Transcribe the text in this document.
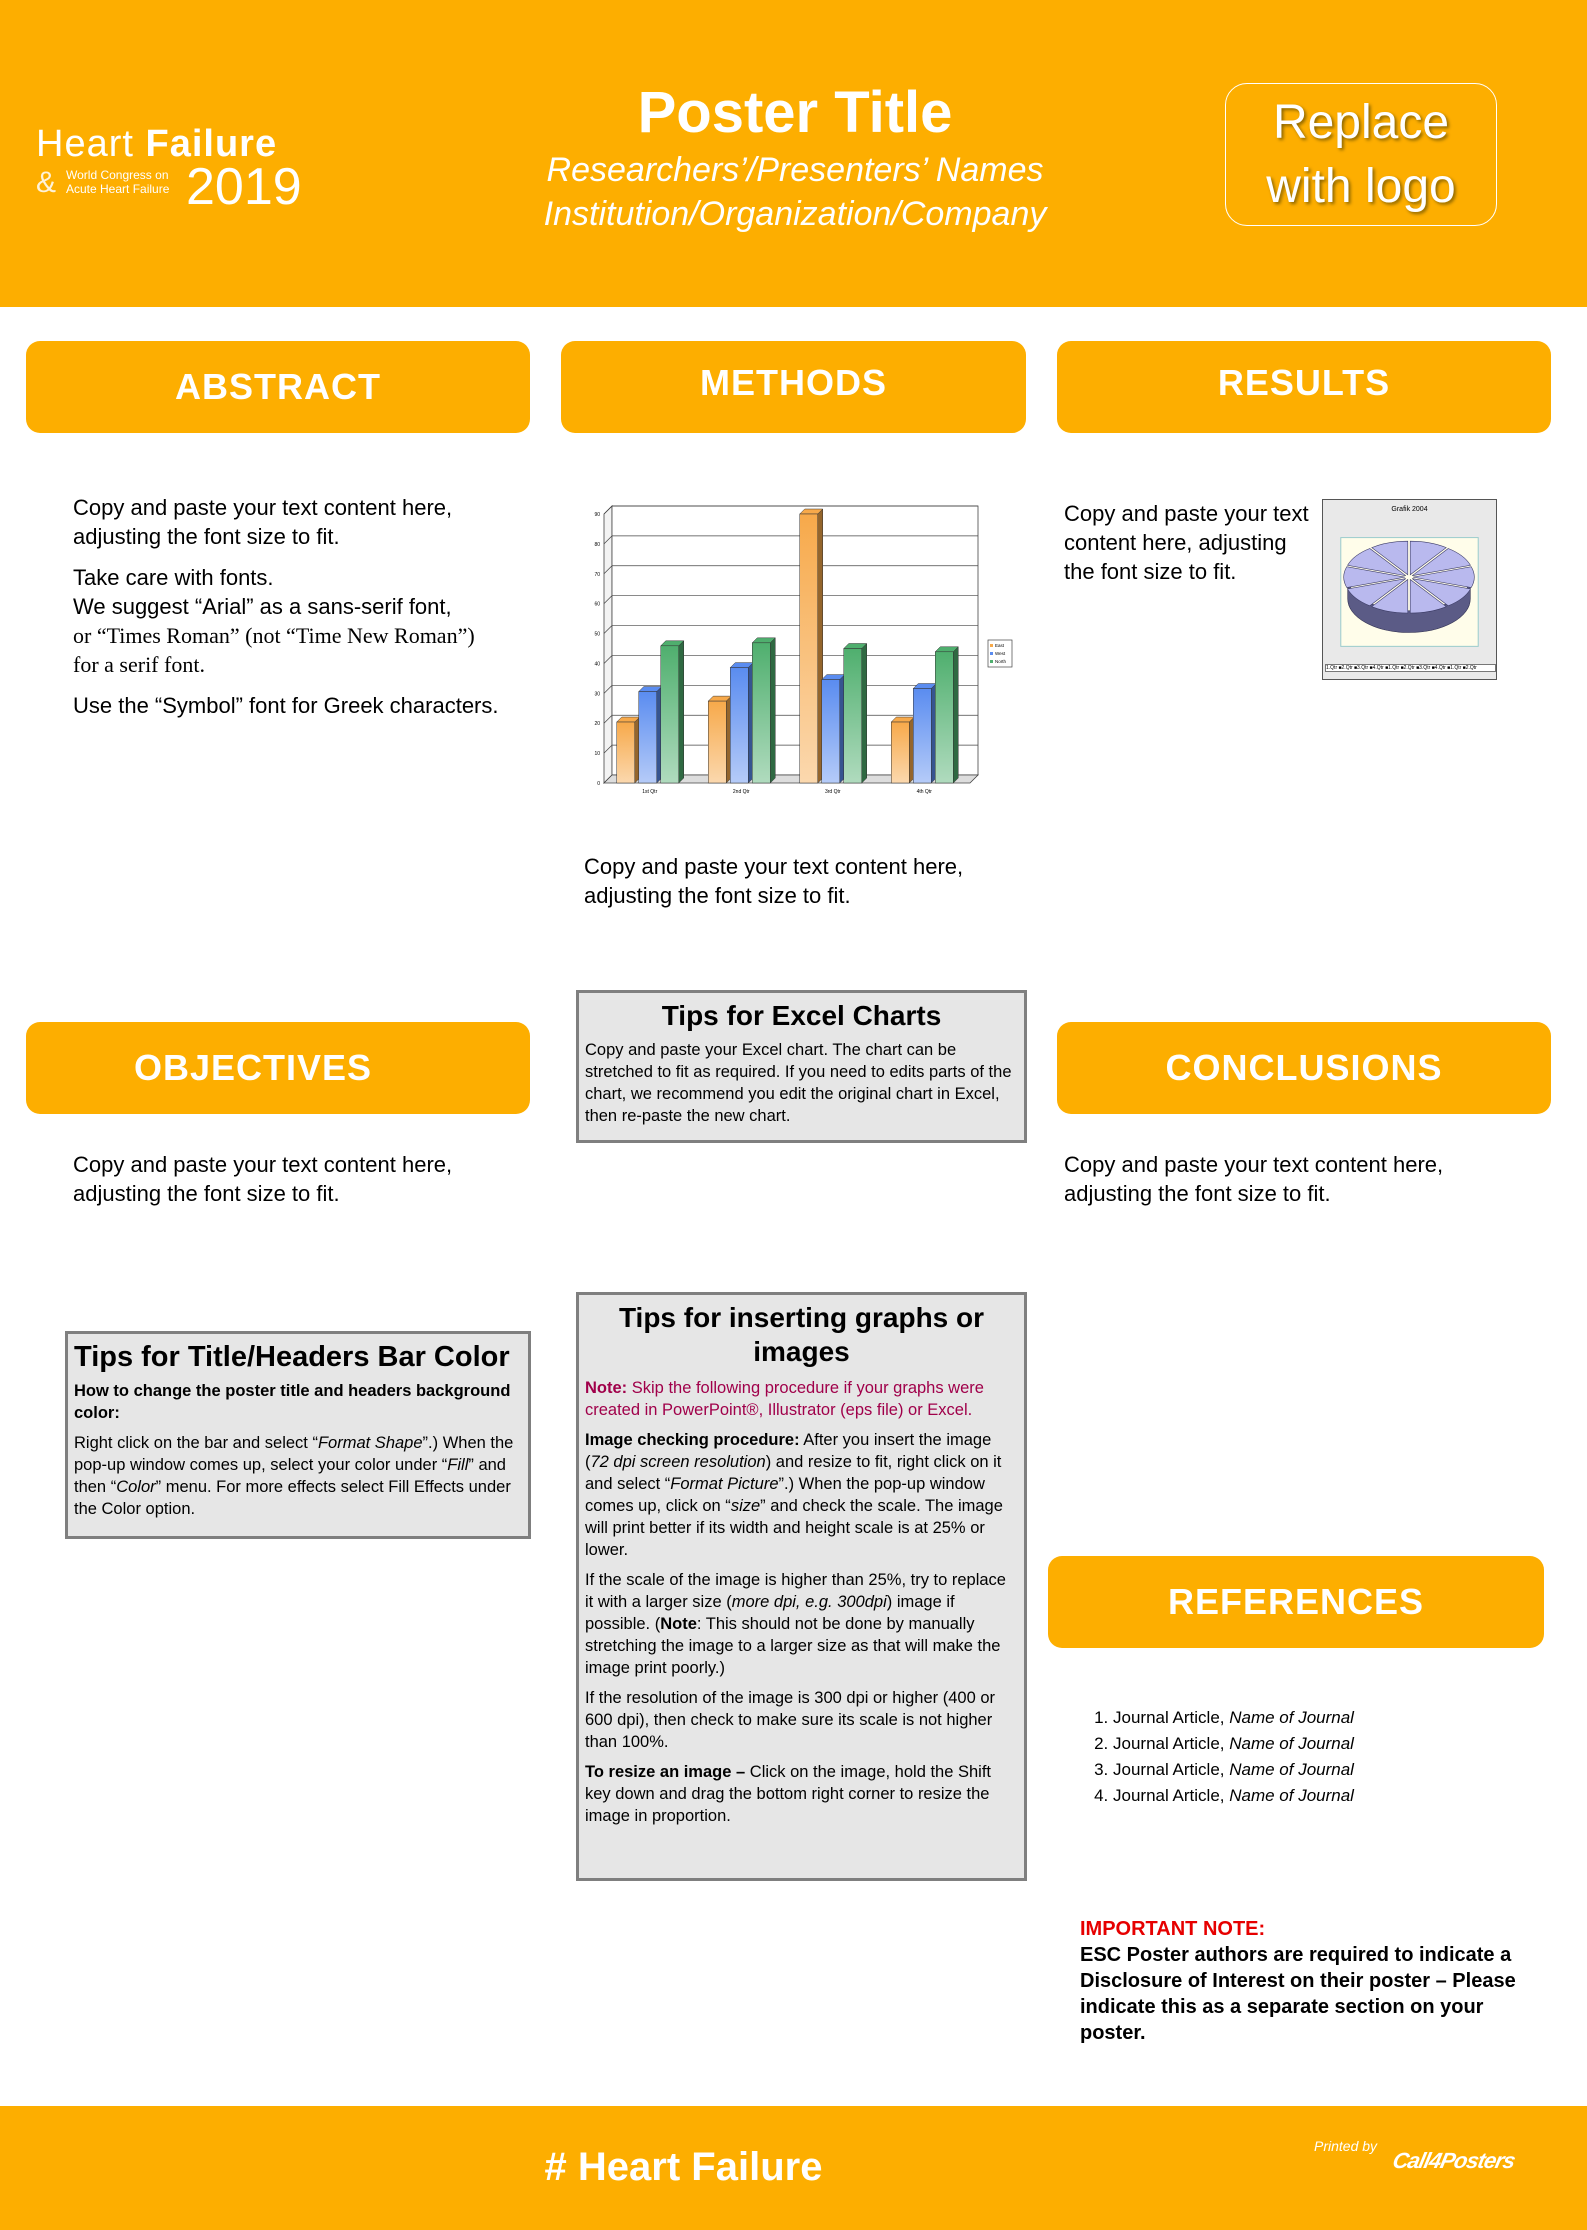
Heart Failure
& World Congress on
Acute Heart Failure 2019
Poster Title
Researchers’/Presenters’ Names
Institution/Organization/Company
Replace
with logo
ABSTRACT	METHODS	RESULTS
OBJECTIVES	CONCLUSIONS
REFERENCES

Copy and paste your text content here, adjusting the font size to fit.

Take care with fonts.
We suggest “Arial” as a sans-serif font,
or “Times Roman” (not “Time New Roman”)
for a serif font.

Use the “Symbol” font for Greek characters.

0
10
20
30
40
50
60
70
80
90
1st Qtr	2nd Qtr	3rd Qtr	4th Qtr
East
West
North
Copy and paste your text content here, adjusting the font size to fit.
Copy and paste your text content here, adjusting the font size to fit.
Grafik 2004
1.Qtr ■2.Qtr ■3.Qtr ■4.Qtr ■1.Qtr ■2.Qtr ■3.Qtr ■4.Qtr ■1.Qtr ■2.Qtr
Copy and paste your text content here, adjusting the font size to fit.
Copy and paste your text content here, adjusting the font size to fit.
Tips for Excel Charts

Copy and paste your Excel chart. The chart can be stretched to fit as required. If you need to edits parts of the chart, we recommend you edit the original chart in Excel, then re-paste the new chart.

Tips for Title/Headers Bar Color

How to change the poster title and headers background color:

Right click on the bar and select “Format Shape”.) When the pop-up window comes up, select your color under “Fill” and then “Color” menu. For more effects select Fill Effects under the Color option.

Tips for inserting graphs or images

Note: Skip the following procedure if your graphs were created in PowerPoint®, Illustrator (eps file) or Excel.

Image checking procedure: After you insert the image (72 dpi screen resolution) and resize to fit, right click on it and select “Format Picture”.) When the pop-up window comes up, click on “size” and check the scale. The image will print better if its width and height scale is at 25% or lower.

If the scale of the image is higher than 25%, try to replace it with a larger size (more dpi, e.g. 300dpi) image if possible. (Note: This should not be done by manually stretching the image to a larger size as that will make the image print poorly.)

If the resolution of the image is 300 dpi or higher (400 or 600 dpi), then check to make sure its scale is not higher than 100%.

To resize an image – Click on the image, hold the Shift key down and drag the bottom right corner to resize the image in proportion.

1. Journal Article, Name of Journal
2. Journal Article, Name of Journal
3. Journal Article, Name of Journal
4. Journal Article, Name of Journal
IMPORTANT NOTE:
ESC Poster authors are required to indicate a Disclosure of Interest on their poster – Please indicate this as a separate section on your poster.
# Heart Failure	Printed by
Call4Posters
